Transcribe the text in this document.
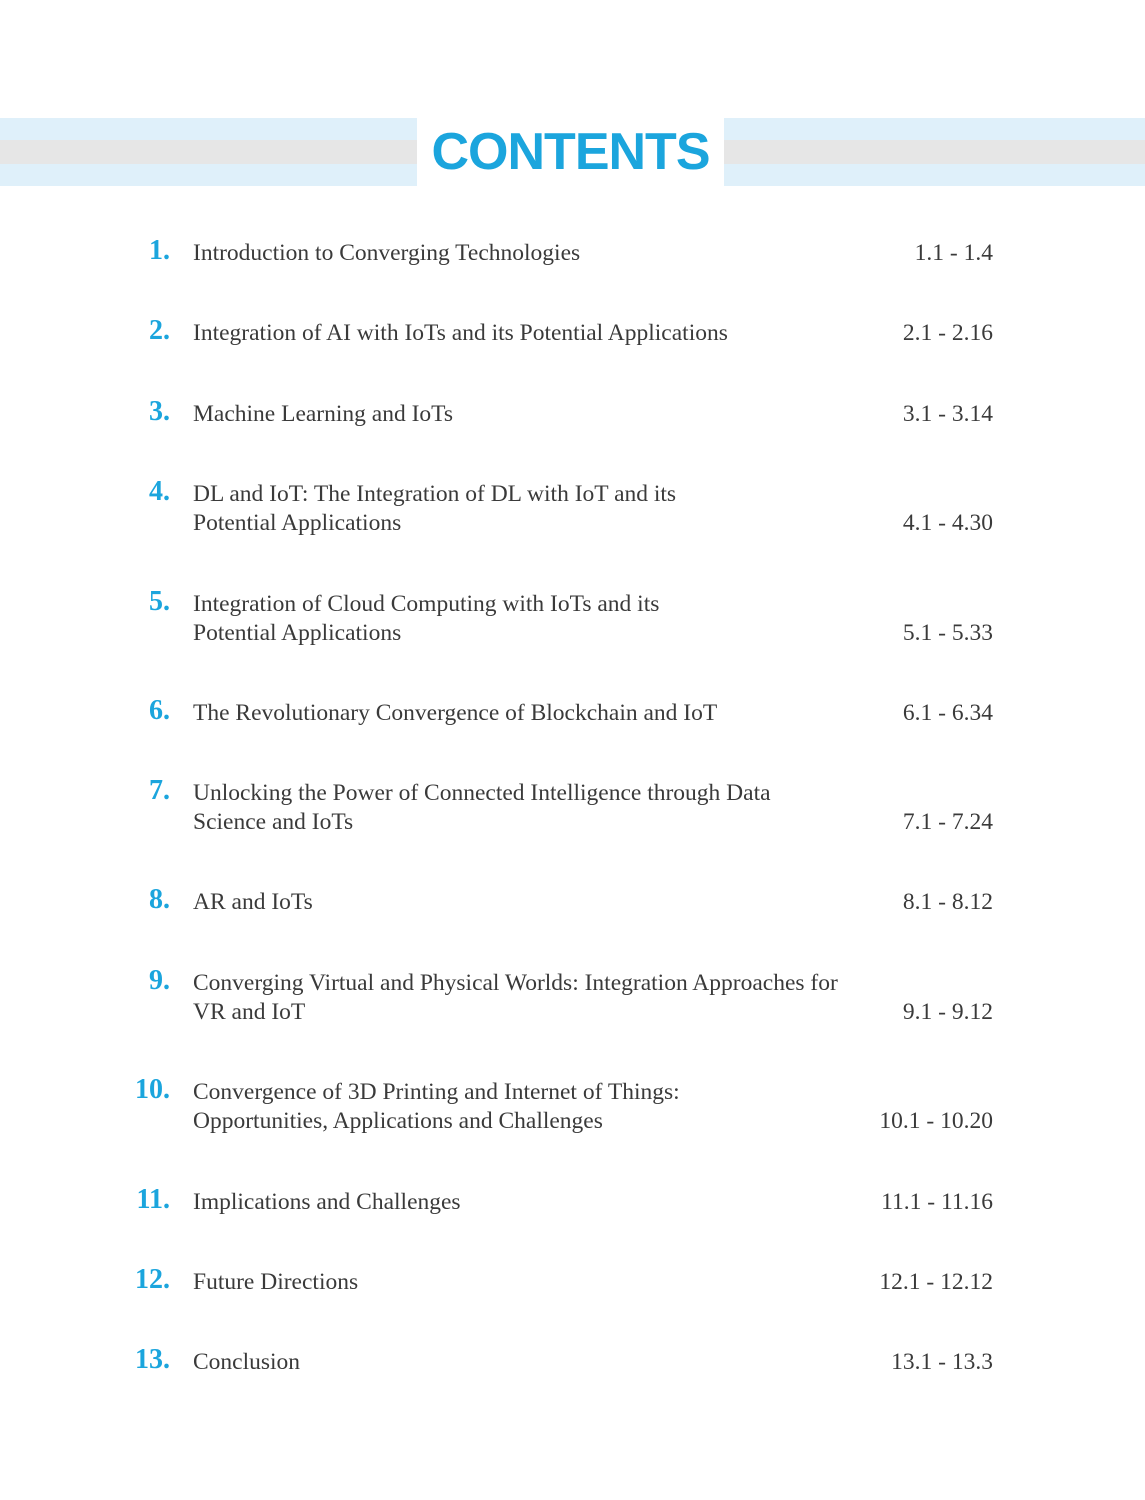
CONTENTS
1. Introduction to Converging Technologies	1.1 - 1.4
2. Integration of AI with IoTs and its Potential Applications	2.1 - 2.16
3. Machine Learning and IoTs	3.1 - 3.14
4. DL and IoT: The Integration of DL with IoT and its Potential Applications	4.1 - 4.30
5. Integration of Cloud Computing with IoTs and its Potential Applications	5.1 - 5.33
6. The Revolutionary Convergence of Blockchain and IoT	6.1 - 6.34
7. Unlocking the Power of Connected Intelligence through Data Science and IoTs	7.1 - 7.24
8. AR and IoTs	8.1 - 8.12
9. Converging Virtual and Physical Worlds: Integration Approaches for VR and IoT	9.1 - 9.12
10. Convergence of 3D Printing and Internet of Things: Opportunities, Applications and Challenges	10.1 - 10.20
11. Implications and Challenges	11.1 - 11.16
12. Future Directions	12.1 - 12.12
13. Conclusion	13.1 - 13.3
